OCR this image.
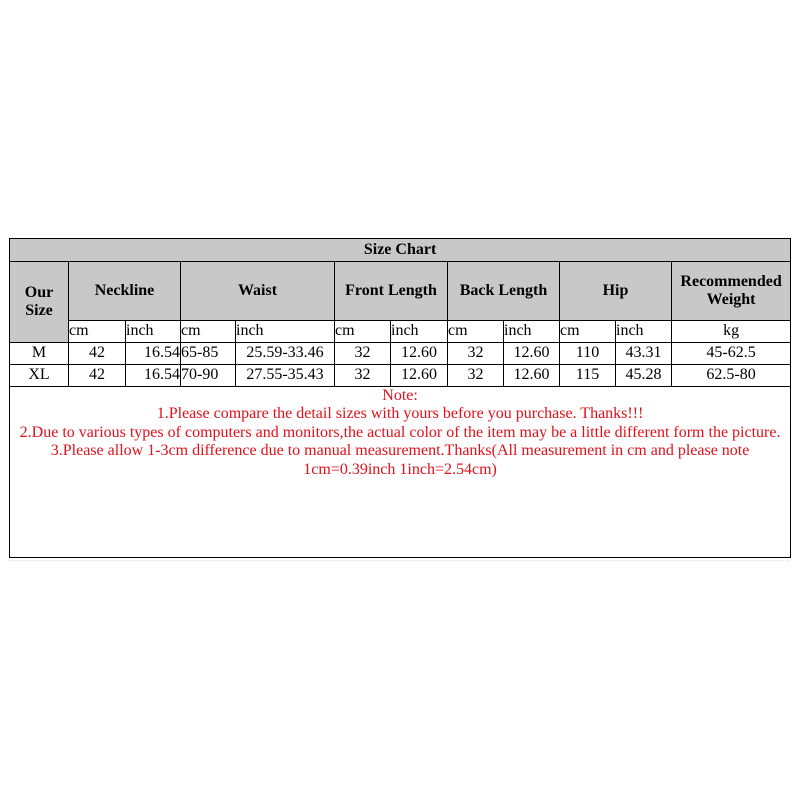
Size Chart											
Our Size	Neckline		Waist		Front Length		Back Length		Hip		Recommended Weight
	cm	inch	cm	inch	cm	inch	cm	inch	cm	inch	kg
M	42	16.54	65-85	25.59-33.46	32	12.60	32	12.60	110	43.31	45-62.5
XL	42	16.54	70-90	27.55-35.43	32	12.60	32	12.60	115	45.28	62.5-80

Note:

1.Please compare the detail sizes with yours before you purchase. Thanks!!!

2.Due to various types of computers and monitors,the actual color of the item may be a little different form the picture.

3.Please allow 1-3cm difference due to manual measurement.Thanks(All measurement in cm and please note 1cm=0.39inch 1inch=2.54cm)											
